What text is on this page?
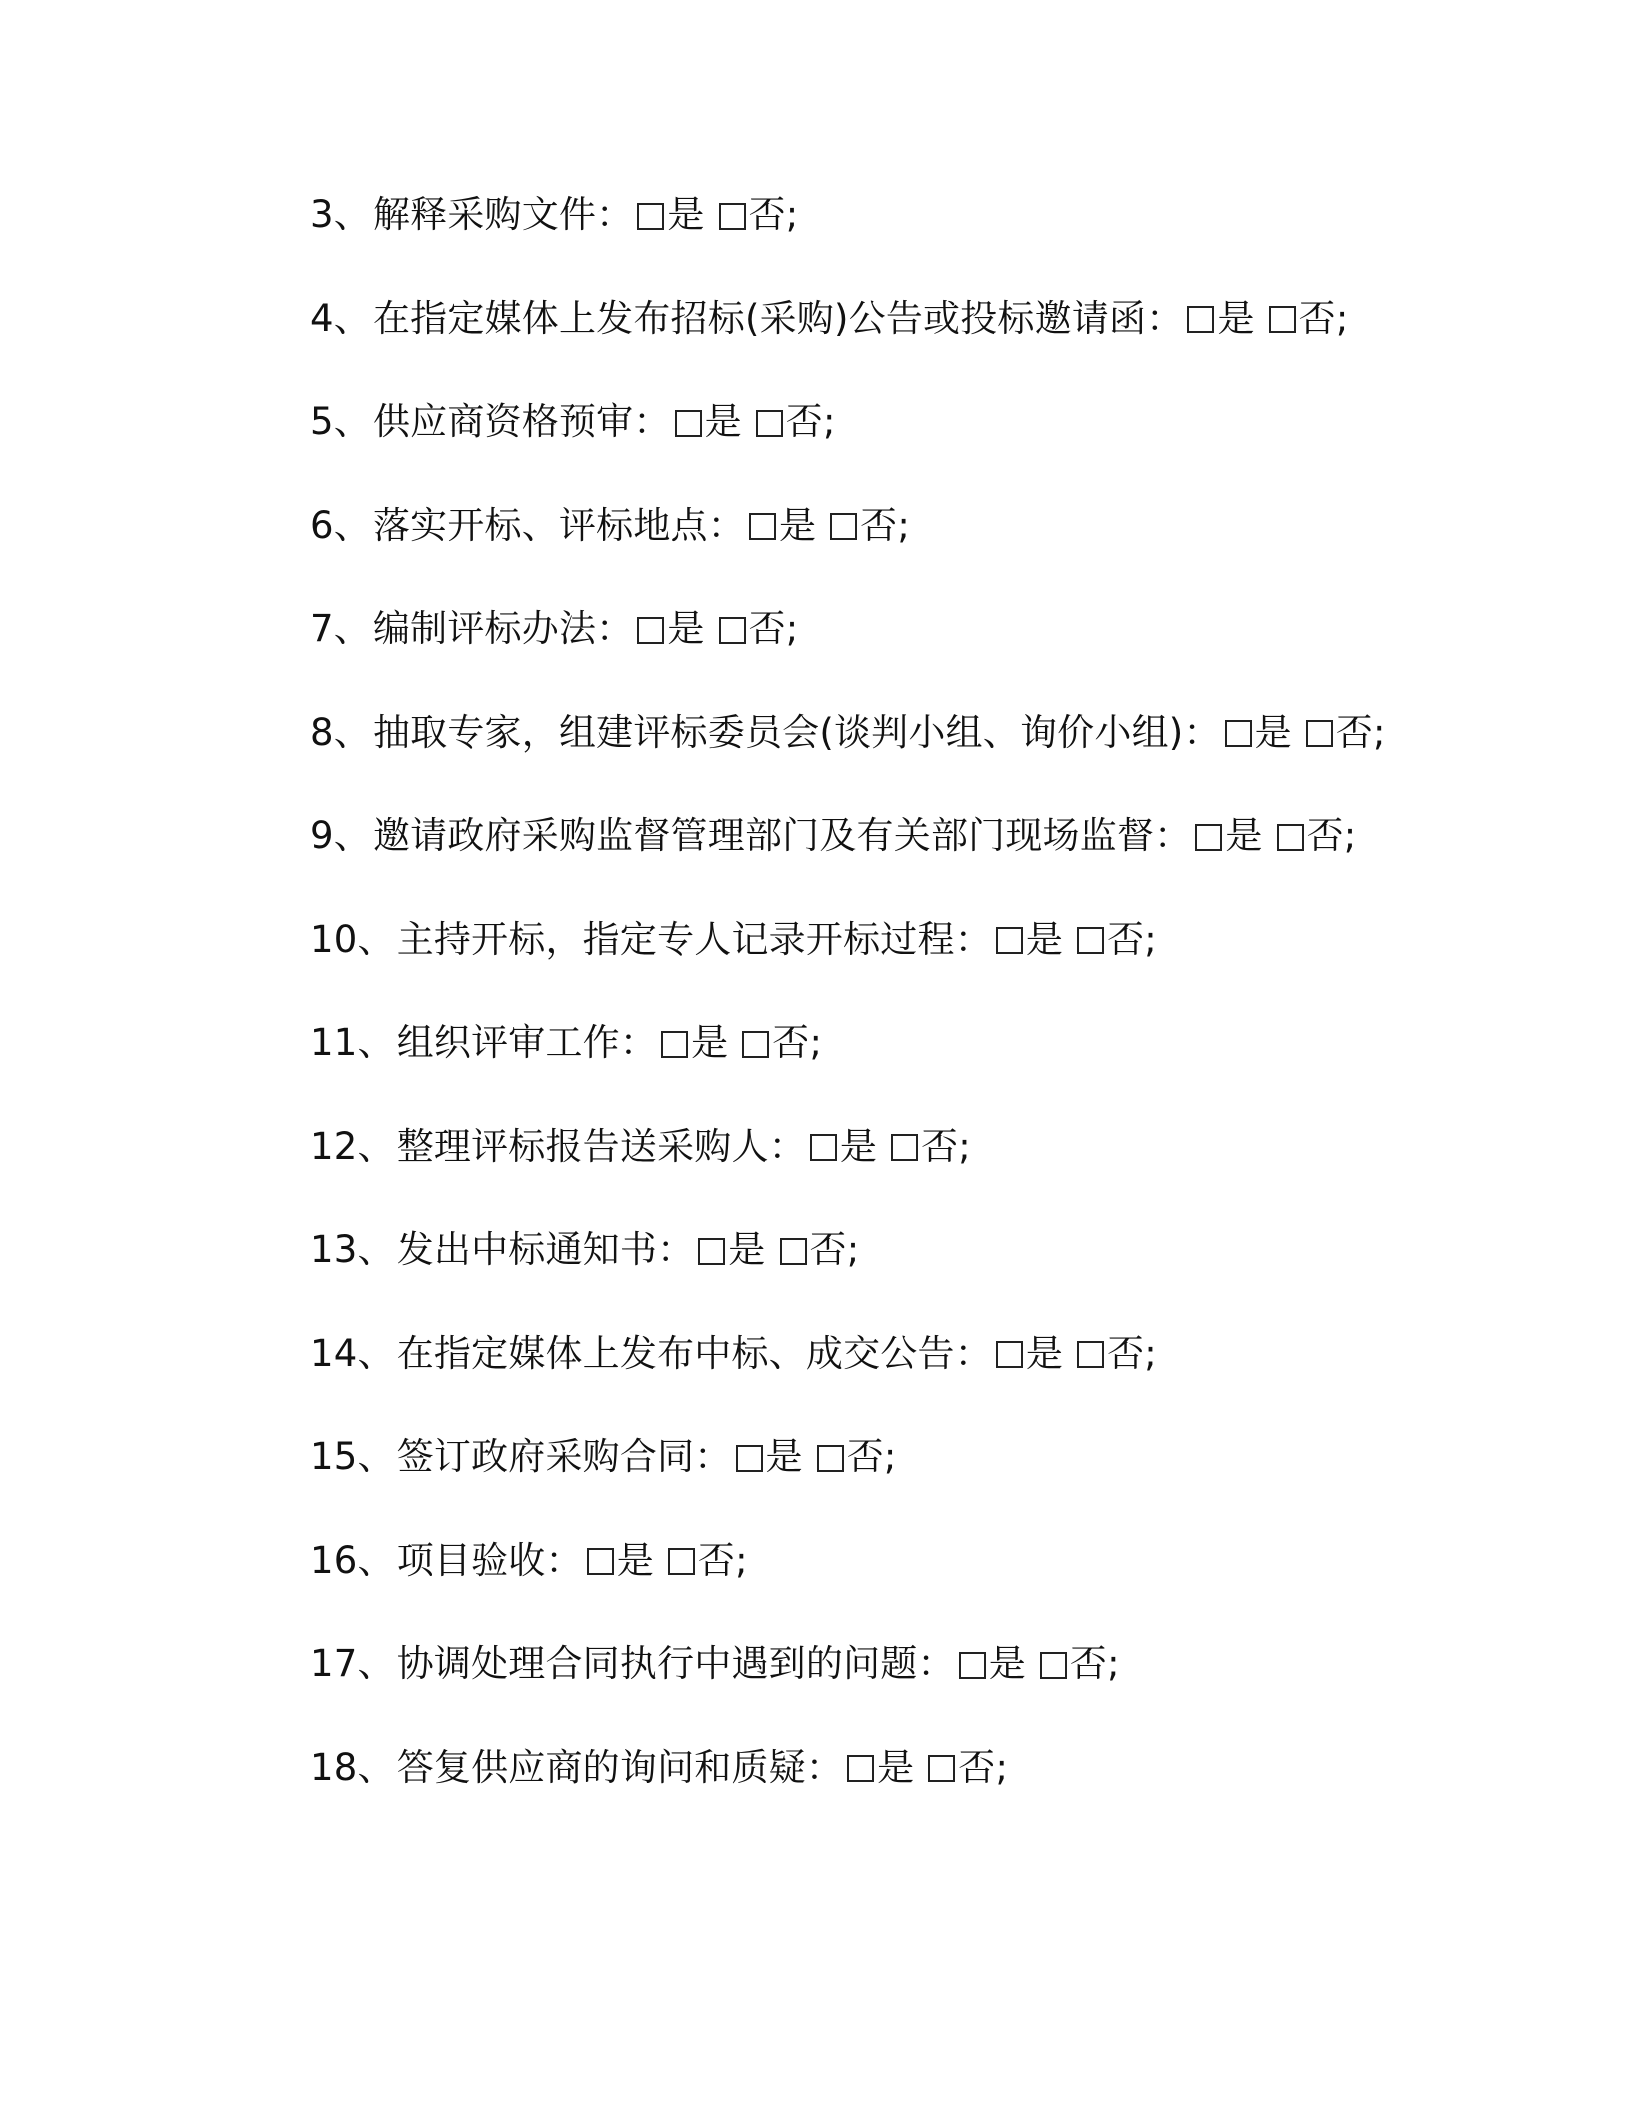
3 、 解释采购文件 ： 是 否 ;
4 、 在指定媒体上发布招标(采购)公告或投标邀请函 ： 是 否 ;
5 、 供应商资格预审 ： 是 否 ;
6 、 落实开标、评标地点 ： 是 否 ;
7 、 编制评标办法 ： 是 否 ;
8 、 抽取专家，组建评标委员会(谈判小组、询价小组) ： 是 否 ;
9 、 邀请政府采购监督管理部门及有关部门现场监督 ： 是 否 ;
10 、 主持开标，指定专人记录开标过程 ： 是 否 ;
11 、 组织评审工作 ： 是 否 ;
12 、 整理评标报告送采购人 ： 是 否 ;
13 、 发出中标通知书 ： 是 否 ;
14 、 在指定媒体上发布中标、成交公告 ： 是 否 ;
15 、 签订政府采购合同 ： 是 否 ;
16 、 项目验收 ： 是 否 ;
17 、 协调处理合同执行中遇到的问题 ： 是 否 ;
18 、 答复供应商的询问和质疑 ： 是 否 ;
